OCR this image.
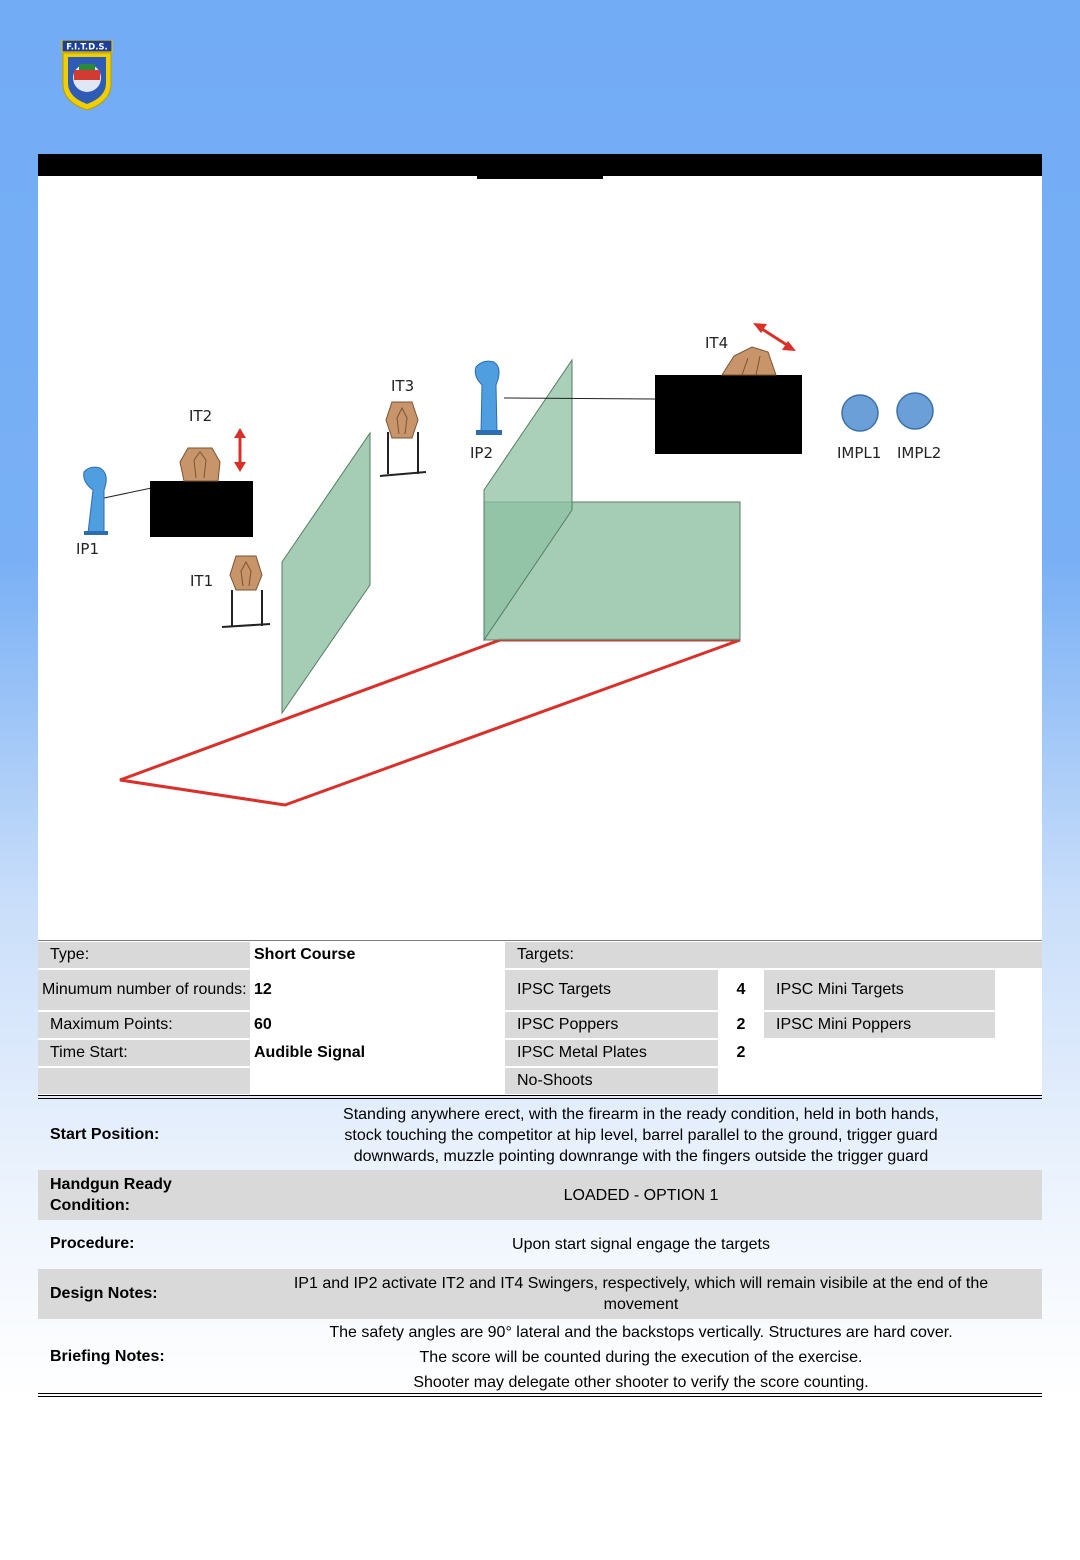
F.I.T.D.S.
IP1
IT2
IT1
IT3
IP2
IT4
IMPL1 IMPL2
Type:
Minumum number of rounds:
Maximum Points:
Time Start:
Short Course
12
60
Audible Signal
Targets:
IPSC Targets
IPSC Poppers
IPSC Metal Plates
No-Shoots
4
2
2
IPSC Mini Targets
IPSC Mini Poppers
Start Position:
Standing anywhere erect, with the firearm in the ready condition, held in both hands,
stock touching the competitor at hip level, barrel parallel to the ground, trigger guard
downwards, muzzle pointing downrange with the fingers outside the trigger guard
Handgun Ready
Condition:
LOADED - OPTION 1
Procedure:	Upon start signal engage the targets
Design Notes:
IP1 and IP2 activate IT2 and IT4 Swingers, respectively, which will remain visibile at the end of the
movement
Briefing Notes:
The safety angles are 90° lateral and the backstops vertically. Structures are hard cover.
The score will be counted during the execution of the exercise.
Shooter may delegate other shooter to verify the score counting.
